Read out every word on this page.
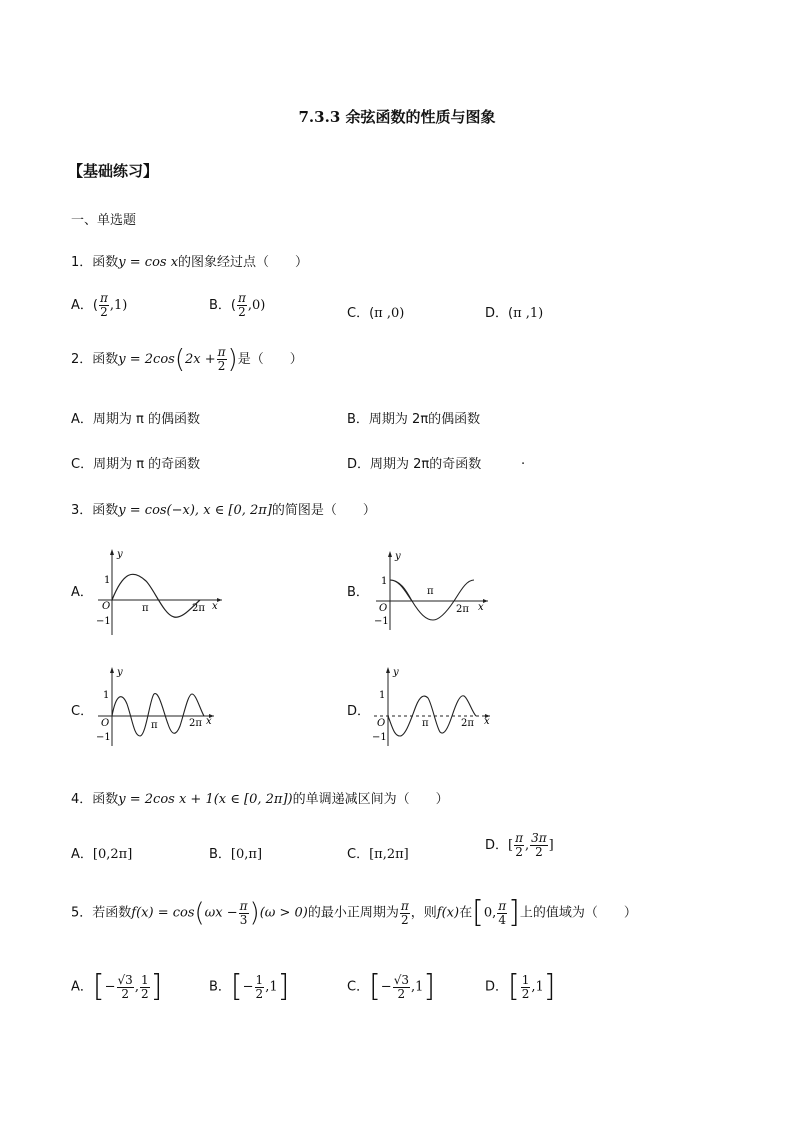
7.3.3 余弦函数的性质与图象
【基础练习】
一、单选题
1．函数y = cos x的图象经过点（　　）
A．( $\frac{\pi}{2} ,1$)	B．( $\frac{\pi}{2} ,0$)
C．(π ,0)	D．(π ,1)
2．函数$y = 2\cos(2x + \frac{\pi}{2}$ )是（　　）
A．周期为 π 的偶函数	B．周期为 2π的偶函数
C．周期为 π 的奇函数	D．周期为 2π的奇函数	.
3．函数y = cos(−x), x ∈ [0, 2π]的简图是（　　）
A．	B．
C．	D．
y
1
O
−1
π	2π x
y
1
O
−1
π
2π x
y
1
O
−1
π	2π x
y
1
O
−1
π	2π x
4．函数y = 2cos x + 1(x ∈ [0, 2π])的单调递减区间为（　　）
A．[0,2π]	B．[0,π]	C．[π,2π]
D．[ $\frac{\pi}{2}$ , $\frac{3\pi}{2}$ ]
5．若函数$f(x) = \cos(\omega x - \frac{\pi}{3} )(\omega > 0)$的最小正周期为 $\frac{\pi}{2}$ ，则f(x)在[0, $\frac{\pi}{4}$ ]上的值域为（　　）
A．[− $\frac{√3}{2}$ , $\frac{1}{2}$ ]	B．[− $\frac{1}{2} ,1$]	C．[− $\frac{√3}{2} ,1$]	D．[ $\frac{1}{2} ,1$]
